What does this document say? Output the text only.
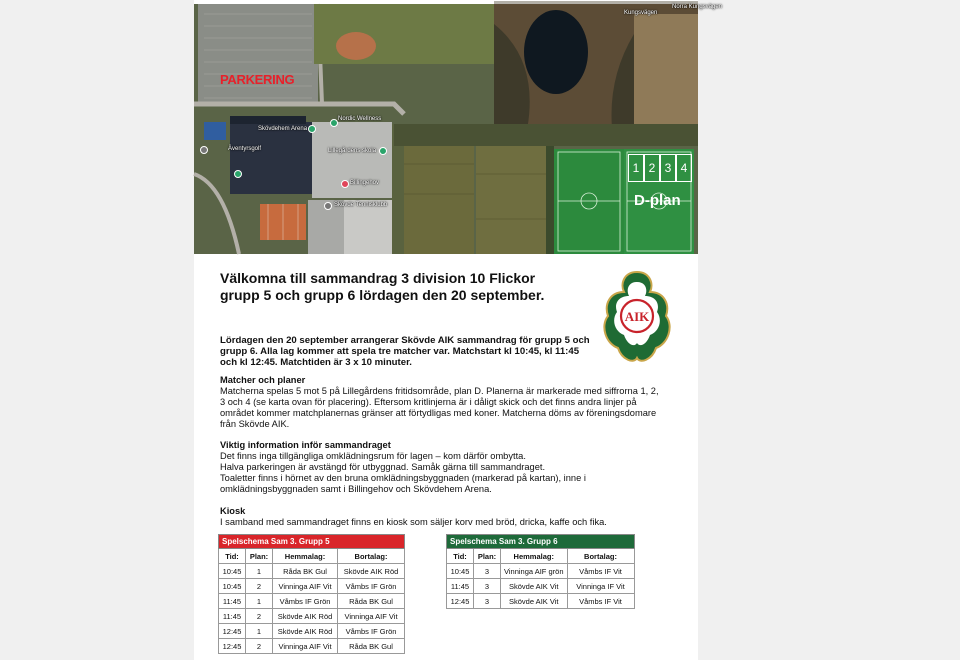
PARKERING
Skövdehem Arena
Äventyrsgolf	Lillegårdens skola
Billingehov
Skövde Tennisklubb
Nordic Wellness
Kungsvägen
Norra Kungsvägen
1 2 3 4
D-plan
Välkomna till sammandrag 3 division 10 Flickor grupp 5 och grupp 6 lördagen den 20 september.
AIK
Lördagen den 20 september arrangerar Skövde AIK sammandrag för grupp 5 och grupp 6. Alla lag kommer att spela tre matcher var. Matchstart kl 10:45, kl 11:45 och kl 12:45. Matchtiden är 3 x 10 minuter.
Matcher och planer

Matcherna spelas 5 mot 5 på Lillegårdens fritidsområde, plan D. Planerna är markerade med siffrorna 1, 2, 3 och 4 (se karta ovan för placering). Eftersom kritlinjerna är i dåligt skick och det finns andra linjer på området kommer matchplanernas gränser att förtydligas med koner. Matcherna döms av föreningsdomare från Skövde AIK.

Viktig information inför sammandraget

Det finns inga tillgängliga omklädningsrum för lagen – kom därför ombytta.

Halva parkeringen är avstängd för utbyggnad. Samåk gärna till sammandraget.

Toaletter finns i hörnet av den bruna omklädningsbyggnaden (markerad på kartan), inne i omklädningsbyggnaden samt i Billingehov och Skövdehem Arena.

Kiosk

I samband med sammandraget finns en kiosk som säljer korv med bröd, dricka, kaffe och fika.

Spelschema Sam 3. Grupp 5			
Tid:	Plan:	Hemmalag:	Bortalag:
10:45	1	Råda BK Gul	Skövde AIK Röd
10:45	2	Vinninga AIF Vit	Våmbs IF Grön
11:45	1	Våmbs IF Grön	Råda BK Gul
11:45	2	Skövde AIK Röd	Vinninga AIF Vit
12:45	1	Skövde AIK Röd	Våmbs IF Grön
12:45	2	Vinninga AIF Vit	Råda BK Gul
Spelschema Sam 3. Grupp 6			
Tid:	Plan:	Hemmalag:	Bortalag:
10:45	3	Vinninga AIF grön	Våmbs IF Vit
11:45	3	Skövde AIK Vit	Vinninga IF Vit
12:45	3	Skövde AIK Vit	Våmbs IF Vit
